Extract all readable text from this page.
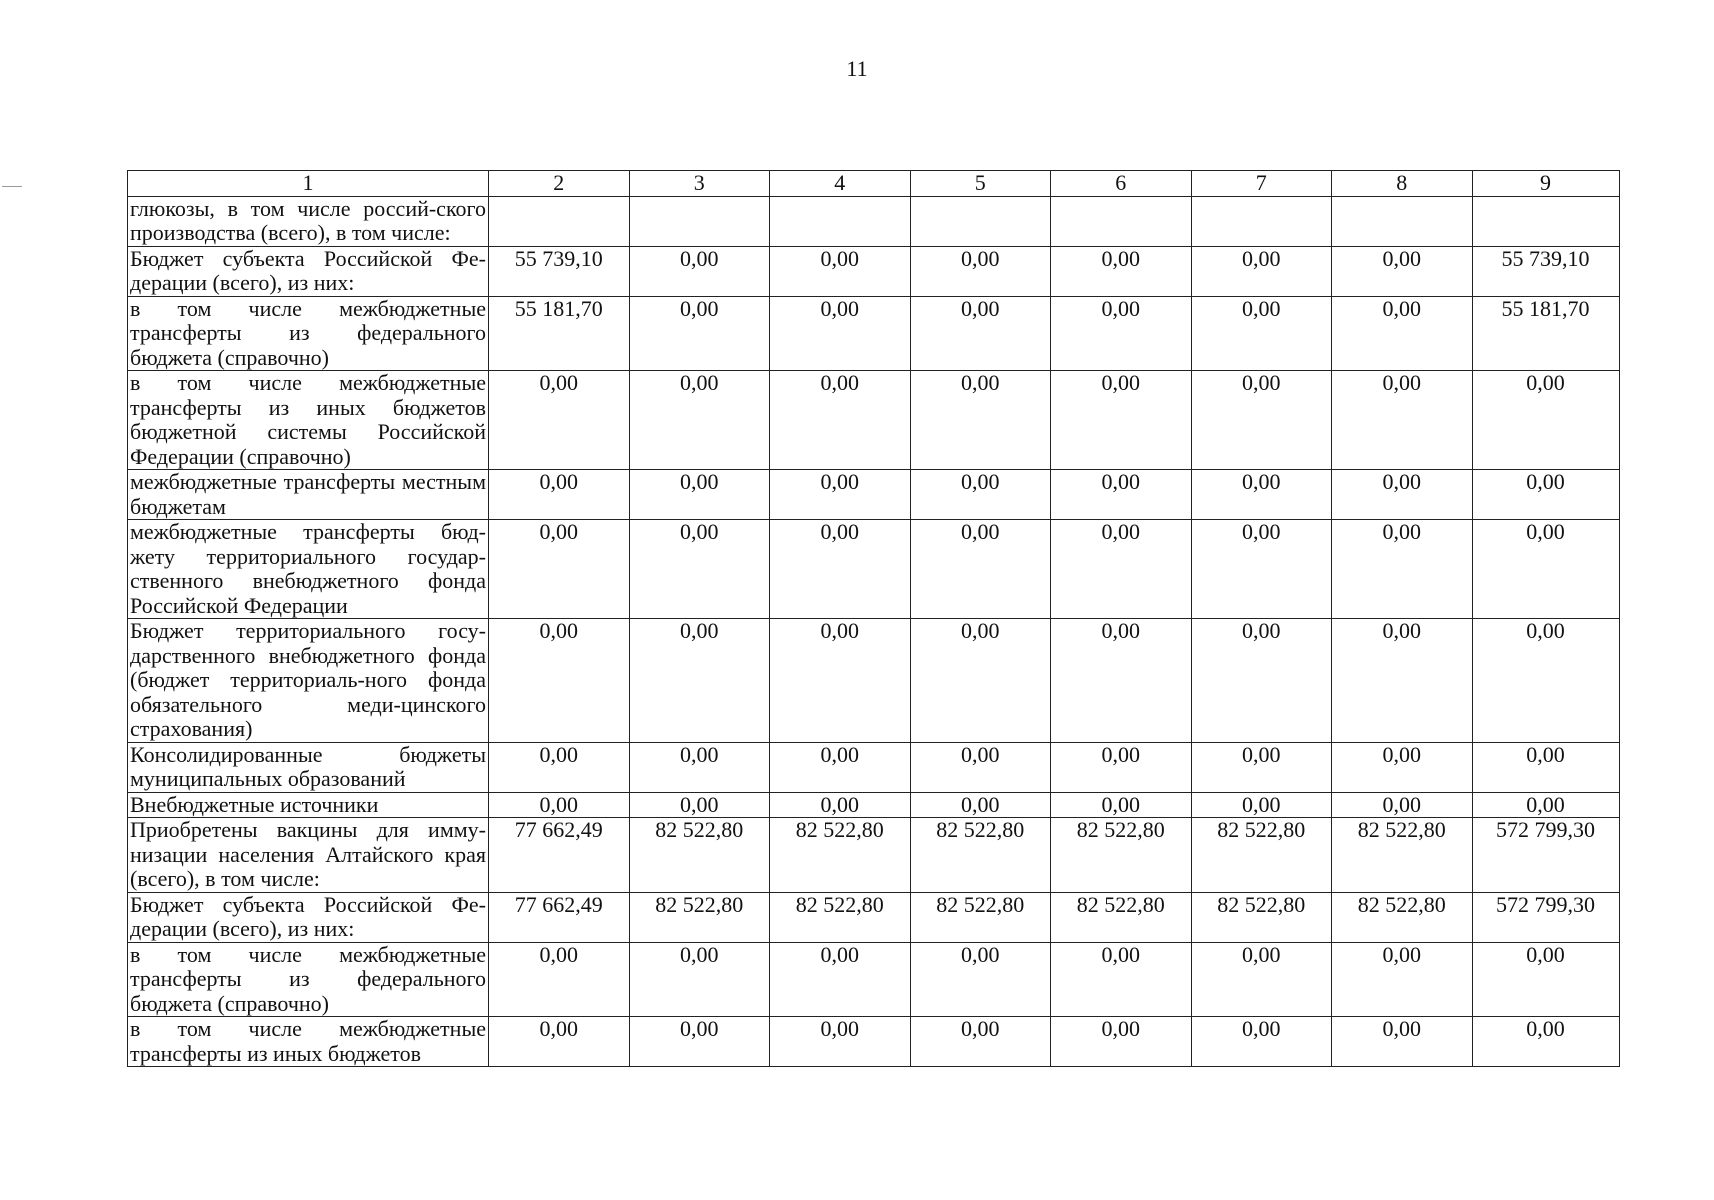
11
1	2	3	4	5	6	7	8	9
глюкозы, в том числе россий-ского производства (всего), в том числе:								
Бюджет субъекта Российской Фе-дерации (всего), из них:	55 739,10	0,00	0,00	0,00	0,00	0,00	0,00	55 739,10
в том числе межбюджетные трансферты из федерального бюджета (справочно)	55 181,70	0,00	0,00	0,00	0,00	0,00	0,00	55 181,70
в том числе межбюджетные трансферты из иных бюджетов бюджетной системы Российской Федерации (справочно)	0,00	0,00	0,00	0,00	0,00	0,00	0,00	0,00
межбюджетные трансферты местным бюджетам	0,00	0,00	0,00	0,00	0,00	0,00	0,00	0,00
межбюджетные трансферты бюд-жету территориального государ-ственного внебюджетного фонда Российской Федерации	0,00	0,00	0,00	0,00	0,00	0,00	0,00	0,00
Бюджет территориального госу-дарственного внебюджетного фонда (бюджет территориаль-ного фонда обязательного меди-цинского страхования)	0,00	0,00	0,00	0,00	0,00	0,00	0,00	0,00
Консолидированные бюджеты муниципальных образований	0,00	0,00	0,00	0,00	0,00	0,00	0,00	0,00
Внебюджетные источники	0,00	0,00	0,00	0,00	0,00	0,00	0,00	0,00
Приобретены вакцины для имму-низации населения Алтайского края (всего), в том числе:	77 662,49	82 522,80	82 522,80	82 522,80	82 522,80	82 522,80	82 522,80	572 799,30
Бюджет субъекта Российской Фе-дерации (всего), из них:	77 662,49	82 522,80	82 522,80	82 522,80	82 522,80	82 522,80	82 522,80	572 799,30
в том числе межбюджетные трансферты из федерального бюджета (справочно)	0,00	0,00	0,00	0,00	0,00	0,00	0,00	0,00
в том числе межбюджетные трансферты из иных бюджетов	0,00	0,00	0,00	0,00	0,00	0,00	0,00	0,00
